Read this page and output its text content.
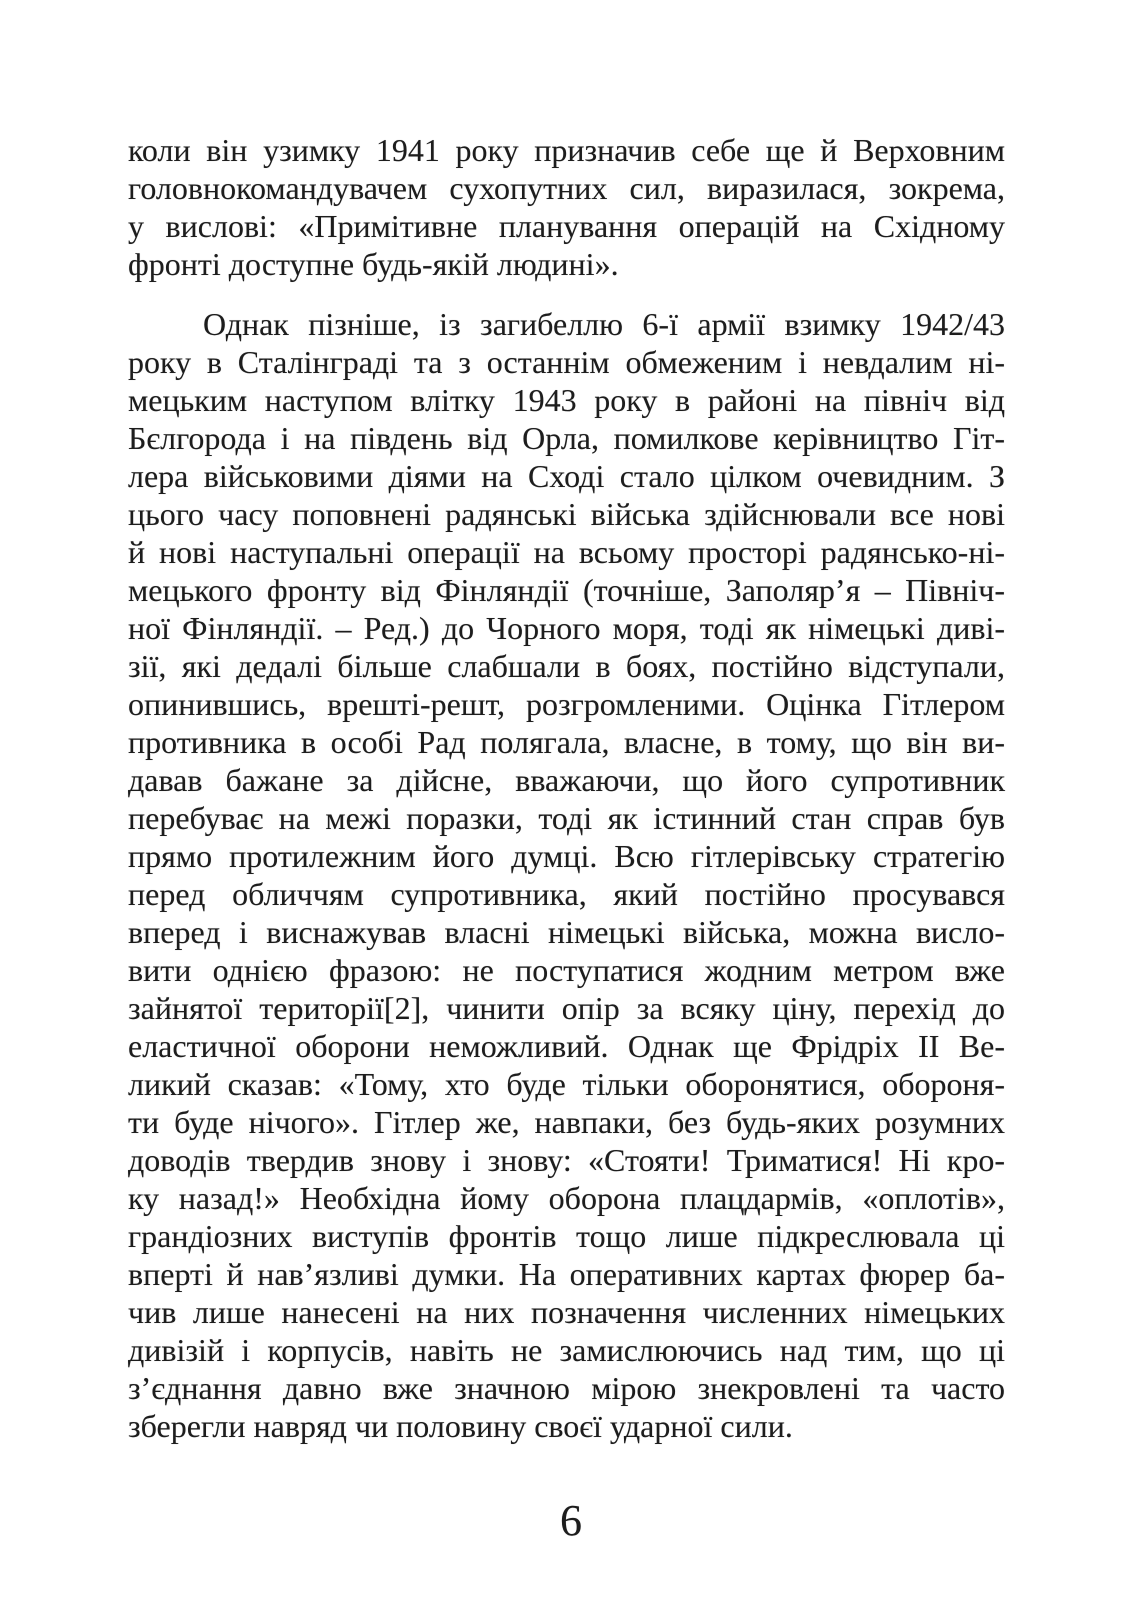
коли він узимку 1941 року призначив себе ще й Верховним
головнокомандувачем сухопутних сил, виразилася, зокрема,
у вислові: «Примітивне планування операцій на Східному
фронті доступне будь-якій людині».
Однак пізніше, із загибеллю 6-ї армії взимку 1942/43
року в Сталінграді та з останнім обмеженим і невдалим ні-
мецьким наступом влітку 1943 року в районі на північ від
Бєлгорода і на південь від Орла, помилкове керівництво Гіт-
лера військовими діями на Сході стало цілком очевидним. З
цього часу поповнені радянські війська здійснювали все нові
й нові наступальні операції на всьому просторі радянсько-ні-
мецького фронту від Фінляндії (точніше, Заполяр’я – Північ-
ної Фінляндії. – Ред.) до Чорного моря, тоді як німецькі диві-
зії, які дедалі більше слабшали в боях, постійно відступали,
опинившись, врешті-решт, розгромленими. Оцінка Гітлером
противника в особі Рад полягала, власне, в тому, що він ви-
давав бажане за дійсне, вважаючи, що його супротивник
перебуває на межі поразки, тоді як істинний стан справ був
прямо протилежним його думці. Всю гітлерівську стратегію
перед обличчям супротивника, який постійно просувався
вперед і виснажував власні німецькі війська, можна висло-
вити однією фразою: не поступатися жодним метром вже
зайнятої території[2], чинити опір за всяку ціну, перехід до
еластичної оборони неможливий. Однак ще Фрідріх II Ве-
ликий сказав: «Тому, хто буде тільки оборонятися, обороня-
ти буде нічого». Гітлер же, навпаки, без будь-яких розумних
доводів твердив знову і знову: «Стояти! Триматися! Ні кро-
ку назад!» Необхідна йому оборона плацдармів, «оплотів»,
грандіозних виступів фронтів тощо лише підкреслювала ці
вперті й нав’язливі думки. На оперативних картах фюрер ба-
чив лише нанесені на них позначення численних німецьких
дивізій і корпусів, навіть не замислюючись над тим, що ці
з’єднання давно вже значною мірою знекровлені та часто
зберегли навряд чи половину своєї ударної сили.
6
